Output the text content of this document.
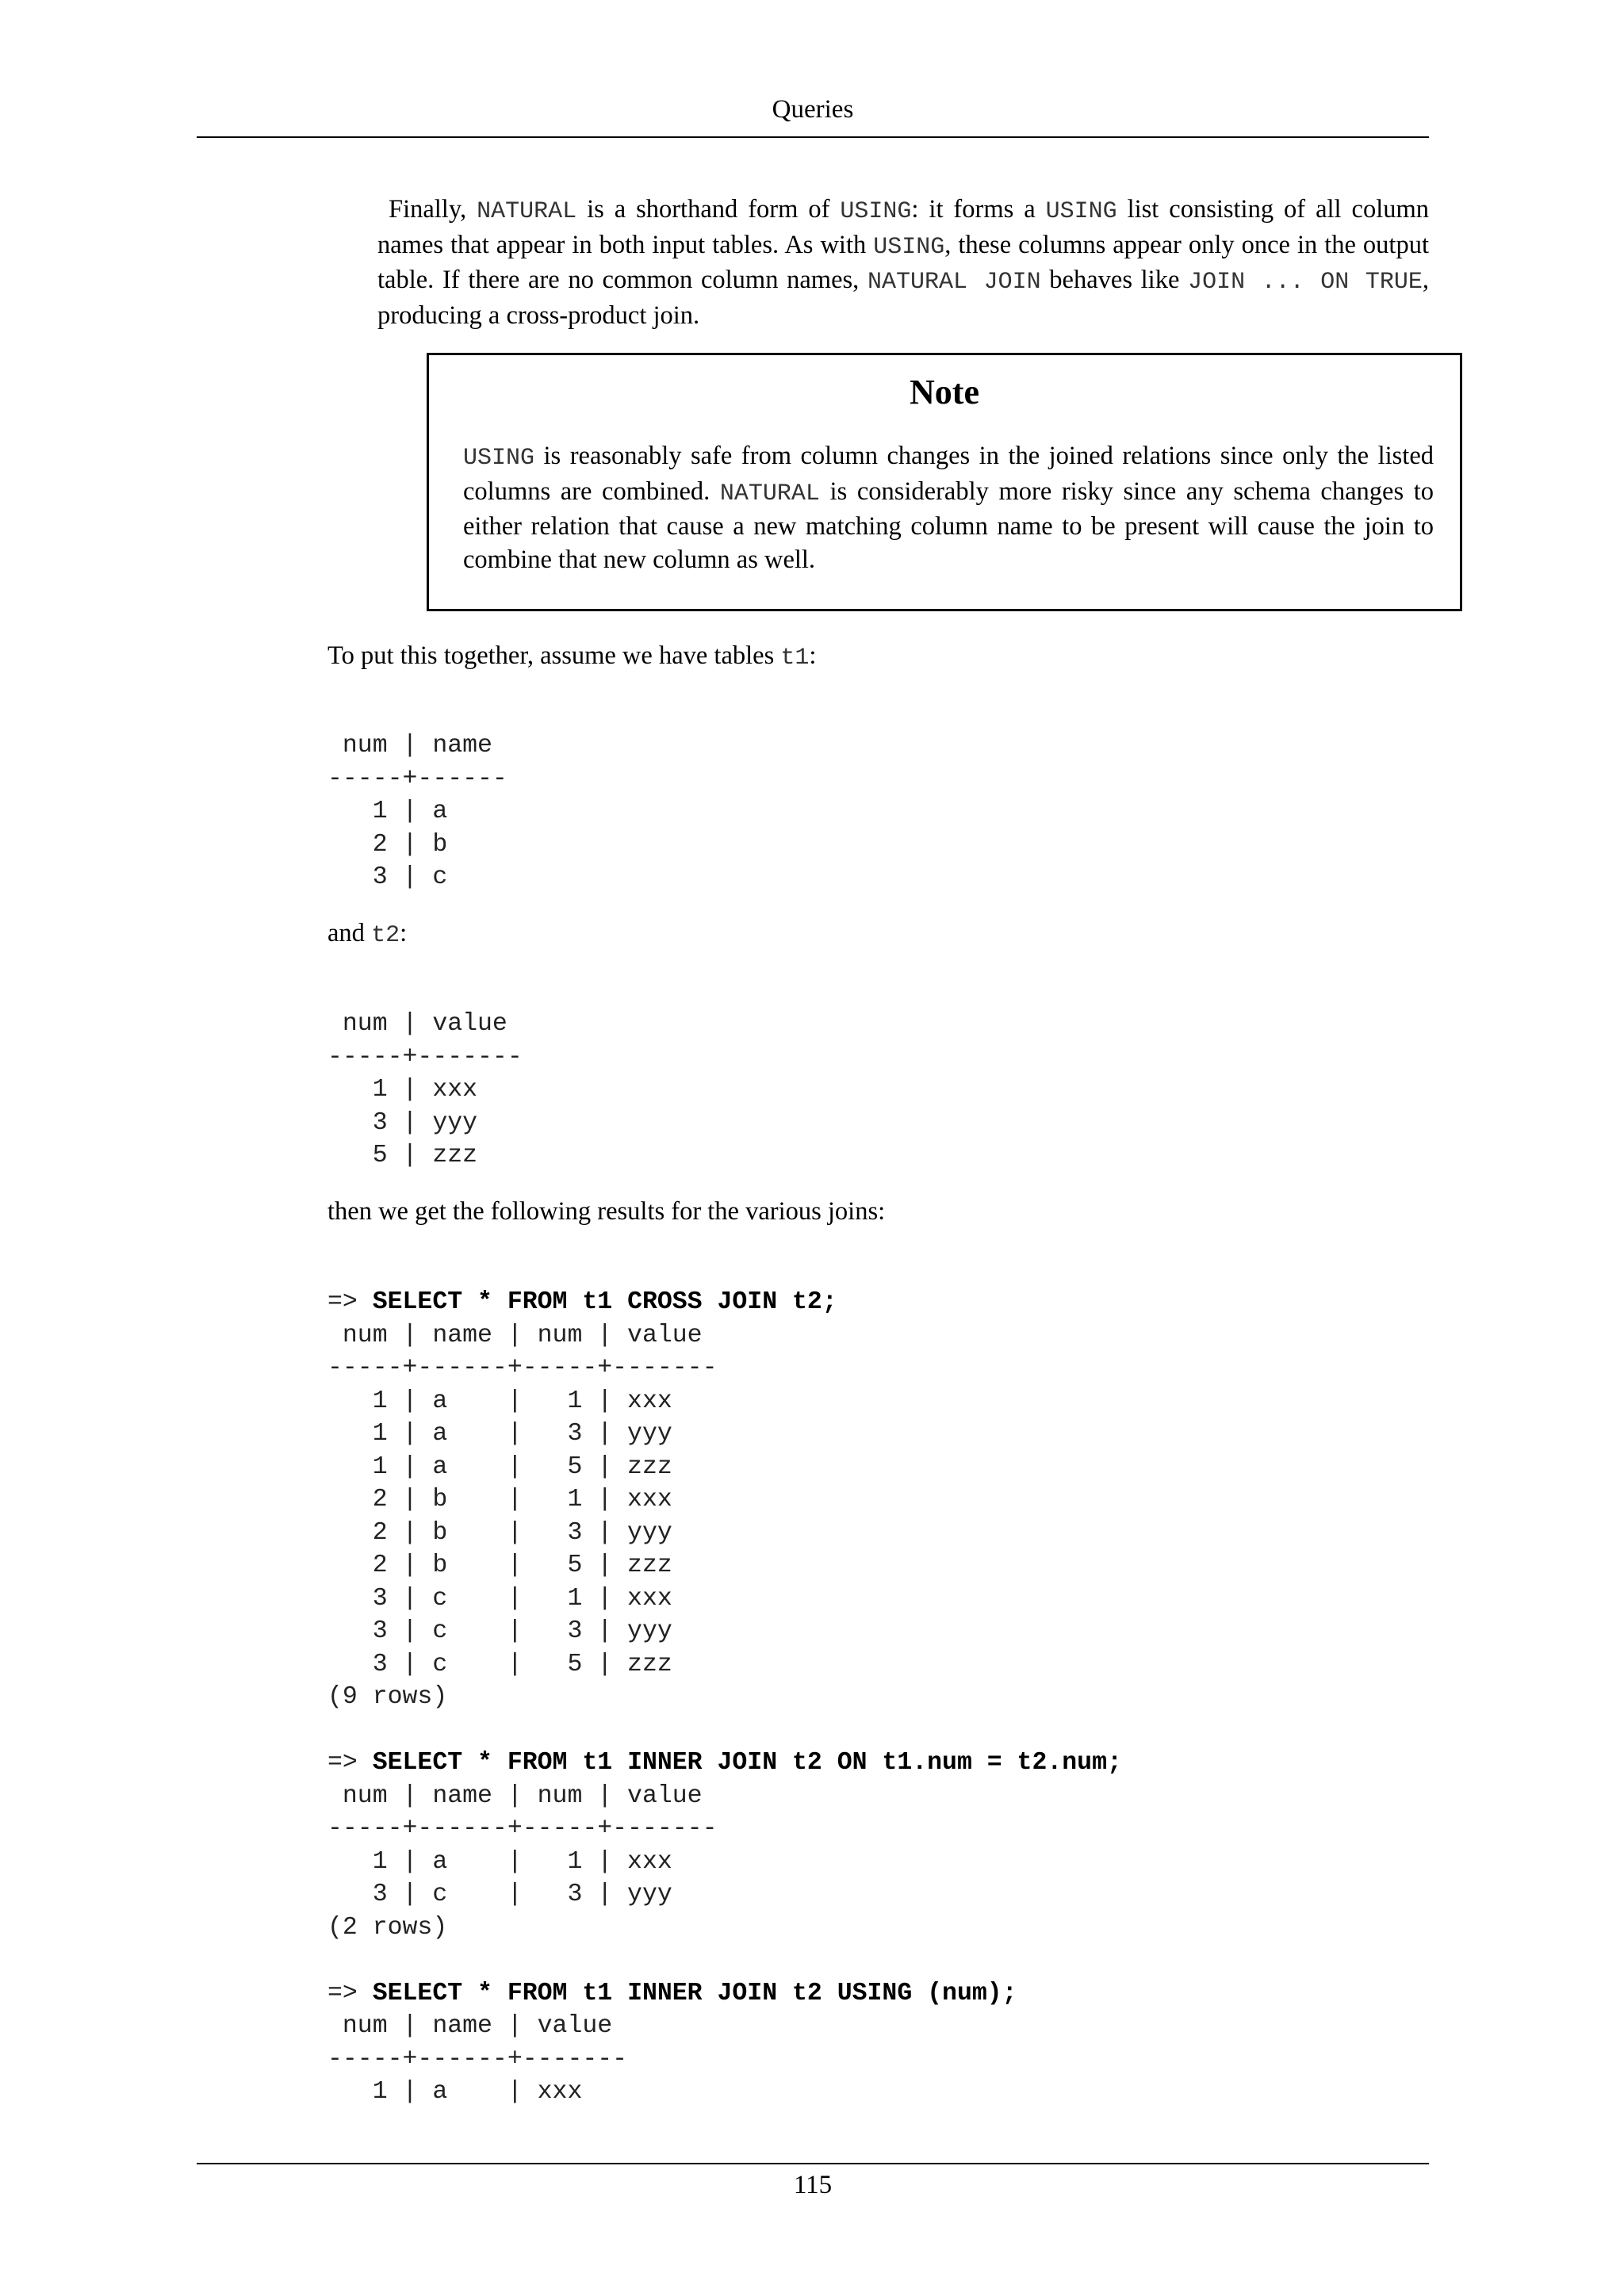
Queries

Finally, NATURAL is a shorthand form of USING: it forms a USING list consisting of all column names that appear in both input tables. As with USING, these columns appear only once in the output table. If there are no common column names, NATURAL JOIN behaves like JOIN ... ON TRUE, producing a cross-product join.

Note

USING is reasonably safe from column changes in the joined relations since only the listed columns are combined. NATURAL is considerably more risky since any schema changes to either relation that cause a new matching column name to be present will cause the join to combine that new column as well.

To put this together, assume we have tables t1:

num | name
-----+------
1 | a
2 | b
3 | c

and t2:

num | value
-----+-------
1 | xxx
3 | yyy
5 | zzz

then we get the following results for the various joins:

=> SELECT * FROM t1 CROSS JOIN t2;
num | name | num | value
-----+------+-----+-------
1 | a    |   1 | xxx
1 | a    |   3 | yyy
1 | a    |   5 | zzz
2 | b    |   1 | xxx
2 | b    |   3 | yyy
2 | b    |   5 | zzz
3 | c    |   1 | xxx
3 | c    |   3 | yyy
3 | c    |   5 | zzz
(9 rows)
=> SELECT * FROM t1 INNER JOIN t2 ON t1.num = t2.num;
num | name | num | value
-----+------+-----+-------
1 | a    |   1 | xxx
3 | c    |   3 | yyy
(2 rows)
=> SELECT * FROM t1 INNER JOIN t2 USING (num);
num | name | value
-----+------+-------
1 | a    | xxx
115
